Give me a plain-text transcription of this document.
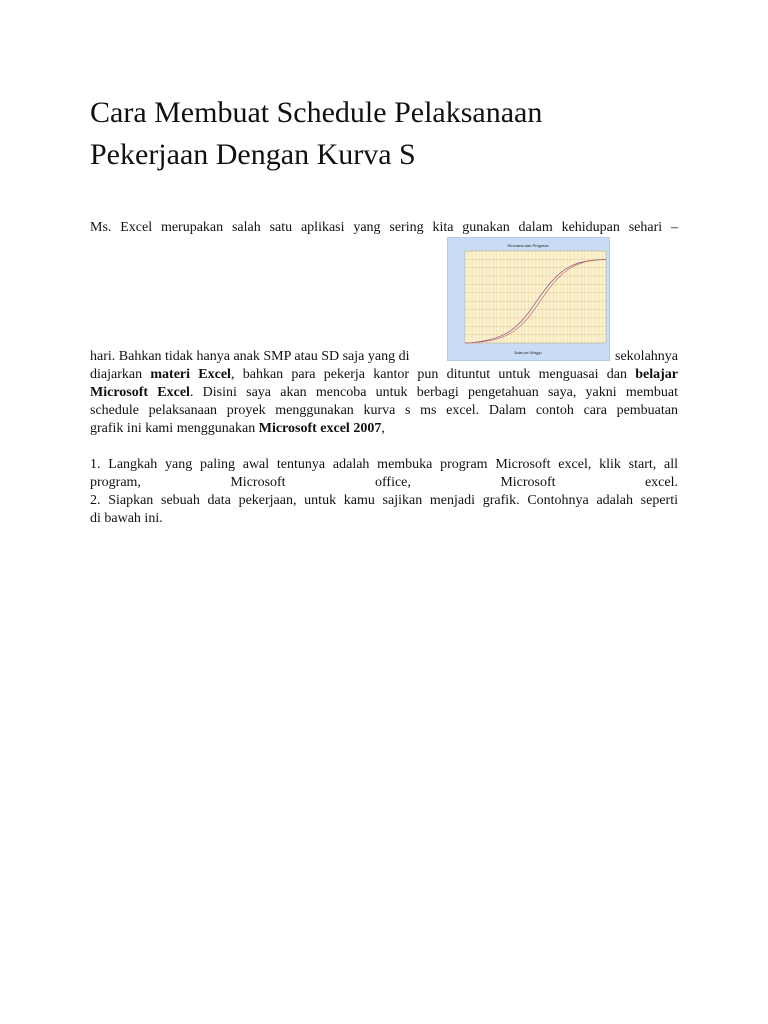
Cara Membuat Schedule Pelaksanaan
Pekerjaan Dengan Kurva S
Ms. Excel merupakan salah satu aplikasi yang sering kita gunakan dalam kehidupan sehari –
Rencana dan Progress
Bulan ke/ Minggu
hari. Bahkan tidak hanya anak SMP atau SD saja yang di	sekolahnya
diajarkan materi Excel, bahkan para pekerja kantor pun dituntut untuk menguasai dan belajar
Microsoft Excel. Disini saya akan mencoba untuk berbagi pengetahuan saya, yakni membuat
schedule pelaksanaan proyek menggunakan kurva s ms excel. Dalam contoh cara pembuatan
grafik ini kami menggunakan Microsoft excel 2007,
1. Langkah yang paling awal tentunya adalah membuka program Microsoft excel, klik start, all
program,	Microsoft	office,	Microsoft	excel.
2. Siapkan sebuah data pekerjaan, untuk kamu sajikan menjadi grafik. Contohnya adalah seperti
di bawah ini.
